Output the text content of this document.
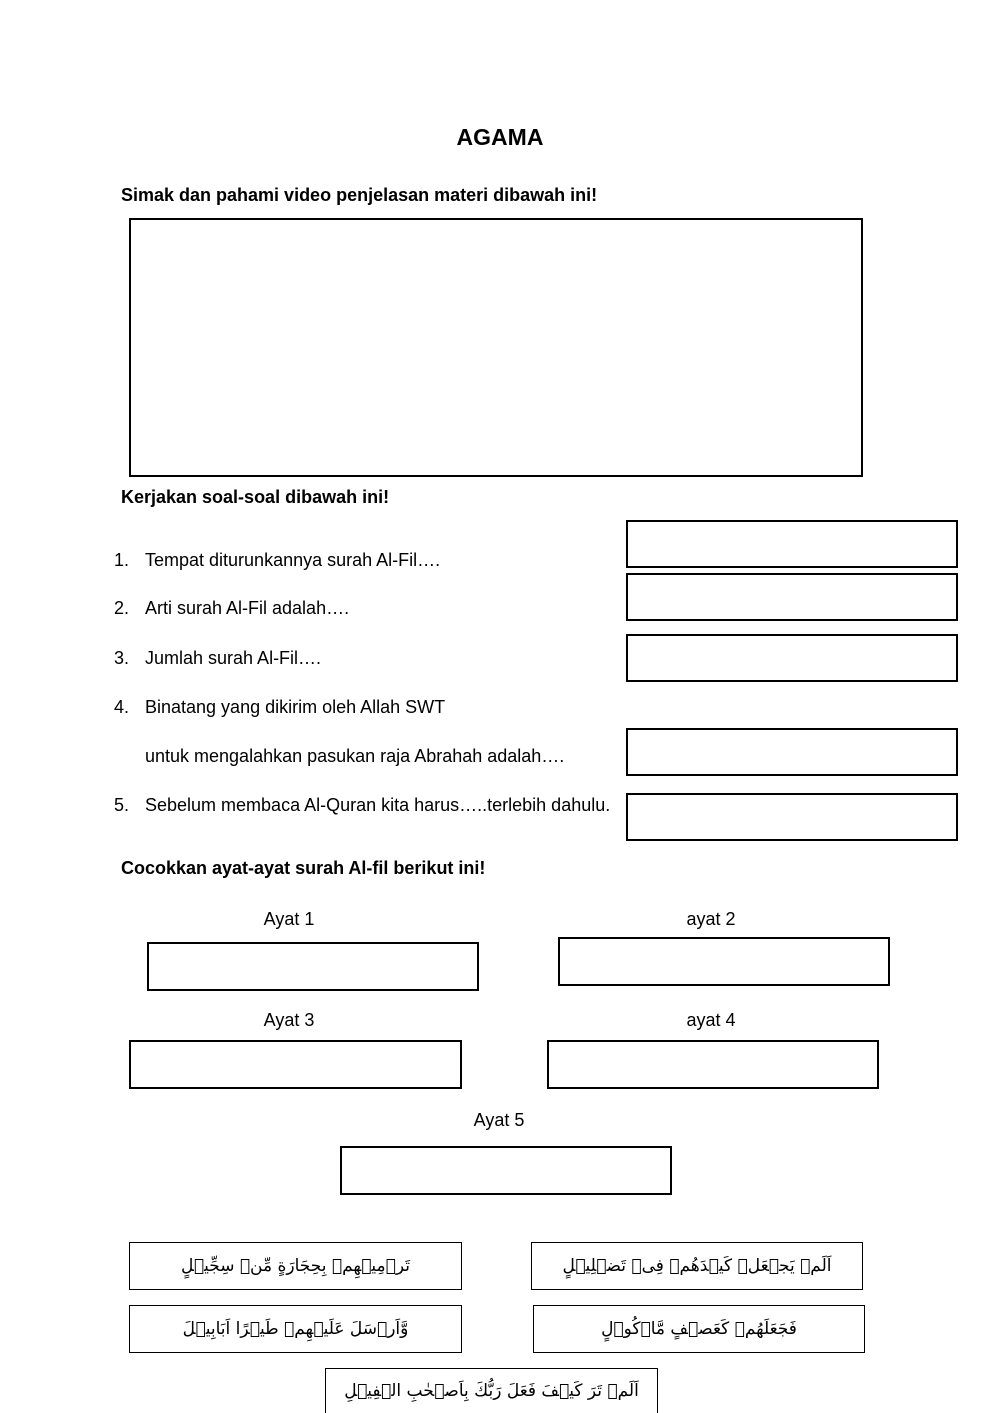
AGAMA
Simak dan pahami video penjelasan materi dibawah ini!
Kerjakan soal-soal dibawah ini!
1. Tempat diturunkannya surah Al-Fil….
2. Arti surah Al-Fil adalah….
3. Jumlah surah Al-Fil….
4. Binatang yang dikirim oleh Allah SWT
untuk mengalahkan pasukan raja Abrahah adalah….
5. Sebelum membaca Al-Quran kita harus…..terlebih dahulu.
Cocokkan ayat-ayat surah Al-fil berikut ini!
Ayat 1	ayat 2
Ayat 3	ayat 4
Ayat 5
تَرۡمِيۡهِمۡ بِحِجَارَةٍ مِّنۡ سِجِّيۡلٍ	اَلَمۡ يَجۡعَلۡ كَيۡدَهُمۡ فِىۡ تَضۡلِيۡلٍ
وَّاَرۡسَلَ عَلَيۡهِمۡ طَيۡرًا اَبَابِيۡلَ	فَجَعَلَهُمۡ كَعَصۡفٍ مَّاۡكُوۡلٍ
اَلَمۡ تَرَ كَيۡفَ فَعَلَ رَبُّكَ بِاَصۡحٰبِ الۡفِيۡلِ
